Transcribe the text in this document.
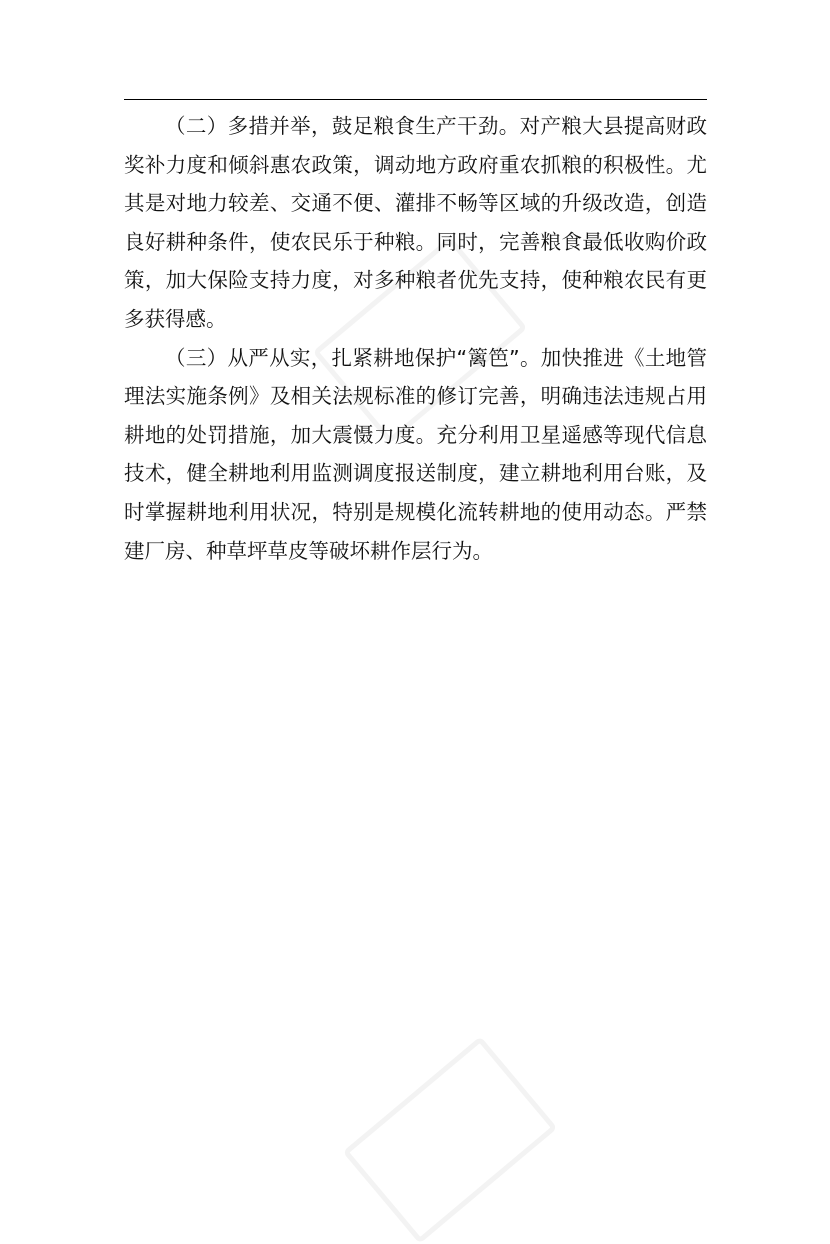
（二）多措并举，鼓足粮食生产干劲。对产粮大县提高财政奖补力度和倾斜惠农政策，调动地方政府重农抓粮的积极性。尤其是对地力较差、交通不便、灌排不畅等区域的升级改造，创造良好耕种条件，使农民乐于种粮。同时，完善粮食最低收购价政策，加大保险支持力度，对多种粮者优先支持，使种粮农民有更多获得感。

（三）从严从实，扎紧耕地保护“篱笆”。加快推进《土地管理法实施条例》及相关法规标准的修订完善，明确违法违规占用耕地的处罚措施，加大震慑力度。充分利用卫星遥感等现代信息技术，健全耕地利用监测调度报送制度，建立耕地利用台账，及时掌握耕地利用状况，特别是规模化流转耕地的使用动态。严禁建厂房、种草坪草皮等破坏耕作层行为。
